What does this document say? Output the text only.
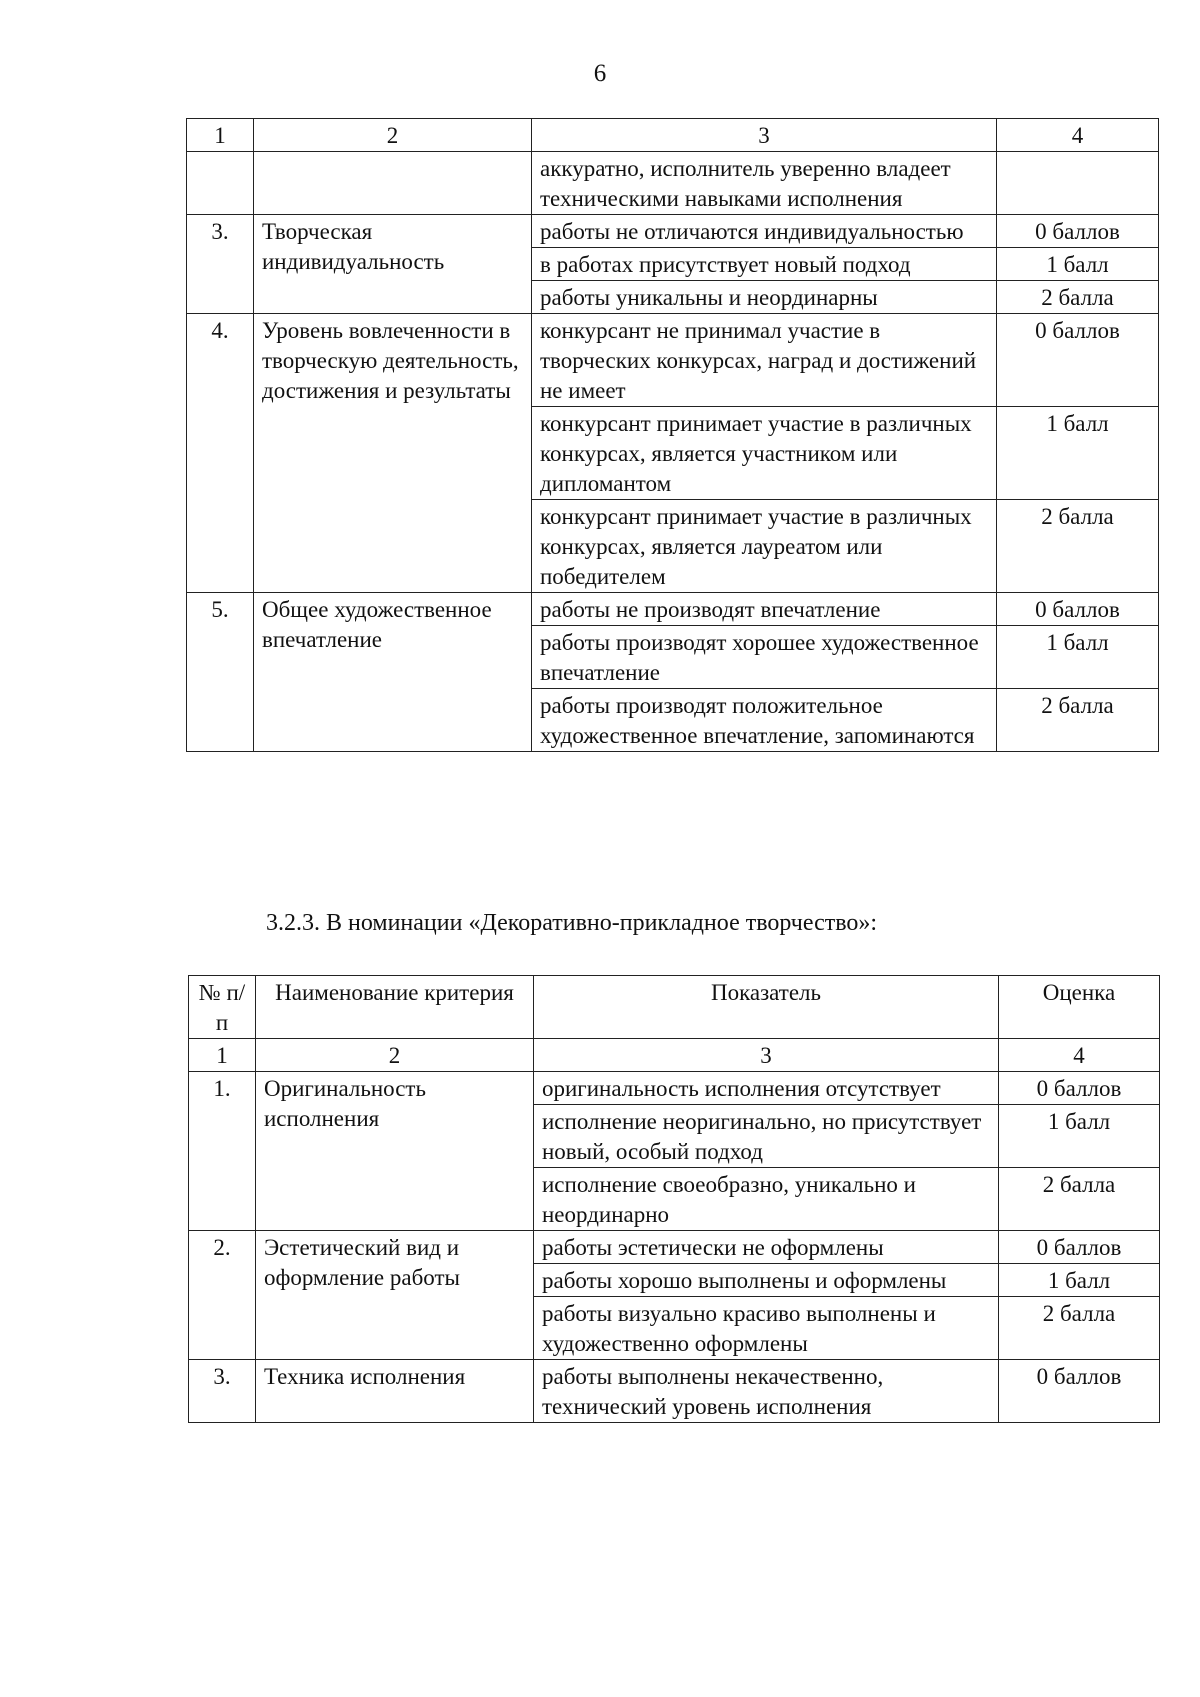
6
1	2	3	4
		аккуратно, исполнитель уверенно владеет техническими навыками исполнения	
3.	Творческая индивидуальность	работы не отличаются индивидуальностью	0 баллов
		в работах присутствует новый подход	1 балл
		работы уникальны и неординарны	2 балла
4.	Уровень вовлеченности в творческую деятельность, достижения и результаты	конкурсант не принимал участие в творческих конкурсах, наград и достижений не имеет	0 баллов
		конкурсант принимает участие в различных конкурсах, является участником или дипломантом	1 балл
		конкурсант принимает участие в различных конкурсах, является лауреатом или победителем	2 балла
5.	Общее художественное впечатление	работы не производят впечатление	0 баллов
		работы производят хорошее художественное впечатление	1 балл
		работы производят положительное художественное впечатление, запоминаются	2 балла
3.2.3. В номинации «Декоративно-прикладное творчество»:
№ п/п	Наименование критерия	Показатель	Оценка
1	2	3	4
1.	Оригинальность исполнения	оригинальность исполнения отсутствует	0 баллов
		исполнение неоригинально, но присутствует новый, особый подход	1 балл
		исполнение своеобразно, уникально и неординарно	2 балла
2.	Эстетический вид и оформление работы	работы эстетически не оформлены	0 баллов
		работы хорошо выполнены и оформлены	1 балл
		работы визуально красиво выполнены и художественно оформлены	2 балла
3.	Техника исполнения	работы выполнены некачественно, технический уровень исполнения	0 баллов
